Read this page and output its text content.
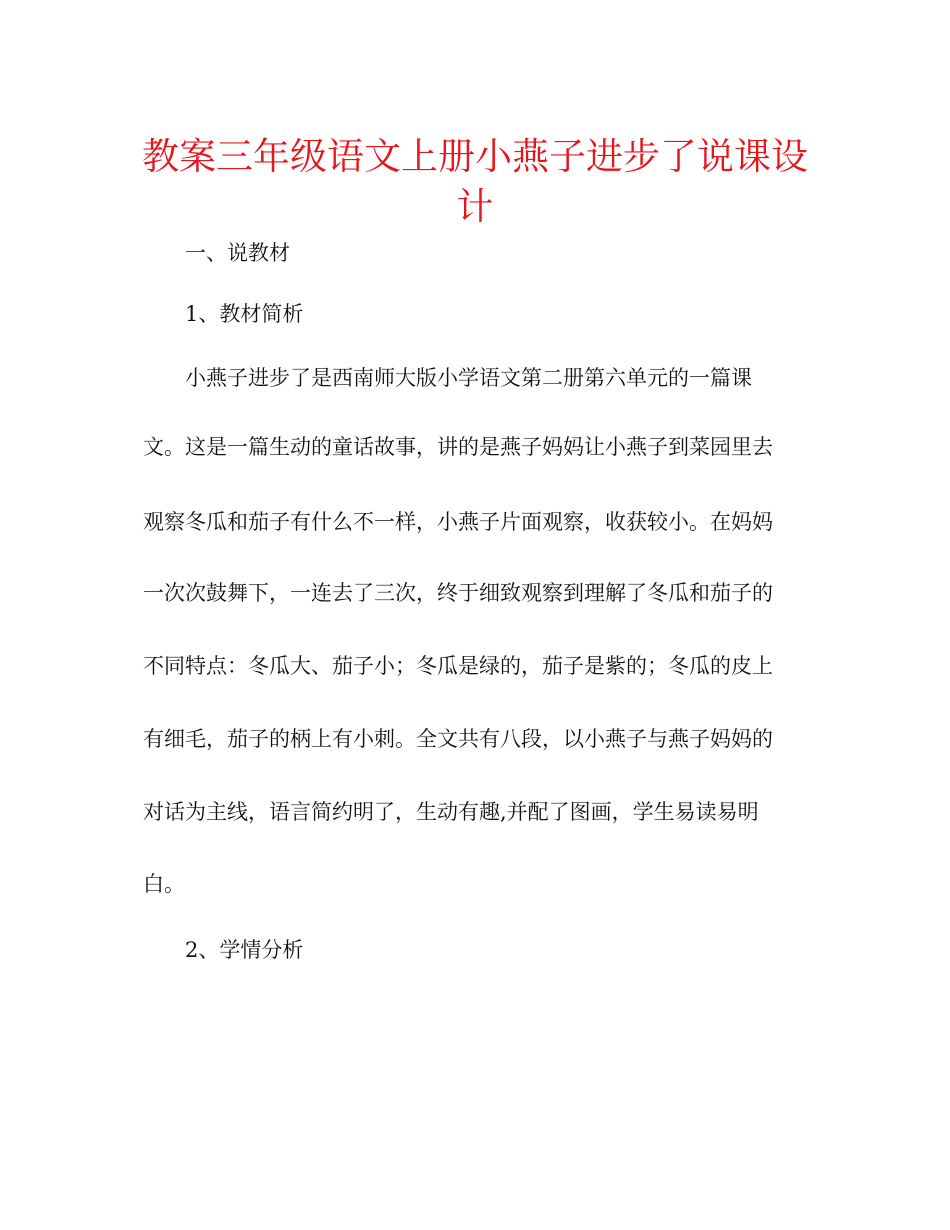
教案三年级语文上册小燕子进步了说课设计
一、说教材
1、教材简析
小燕子进步了是西南师大版小学语文第二册第六单元的一篇课
文。这是一篇生动的童话故事，讲的是燕子妈妈让小燕子到菜园里去
观察冬瓜和茄子有什么不一样，小燕子片面观察，收获较小。在妈妈
一次次鼓舞下，一连去了三次，终于细致观察到理解了冬瓜和茄子的
不同特点：冬瓜大、茄子小；冬瓜是绿的，茄子是紫的；冬瓜的皮上
有细毛，茄子的柄上有小刺。全文共有八段，以小燕子与燕子妈妈的
对话为主线，语言简约明了，生动有趣,并配了图画，学生易读易明
白。
2、学情分析
